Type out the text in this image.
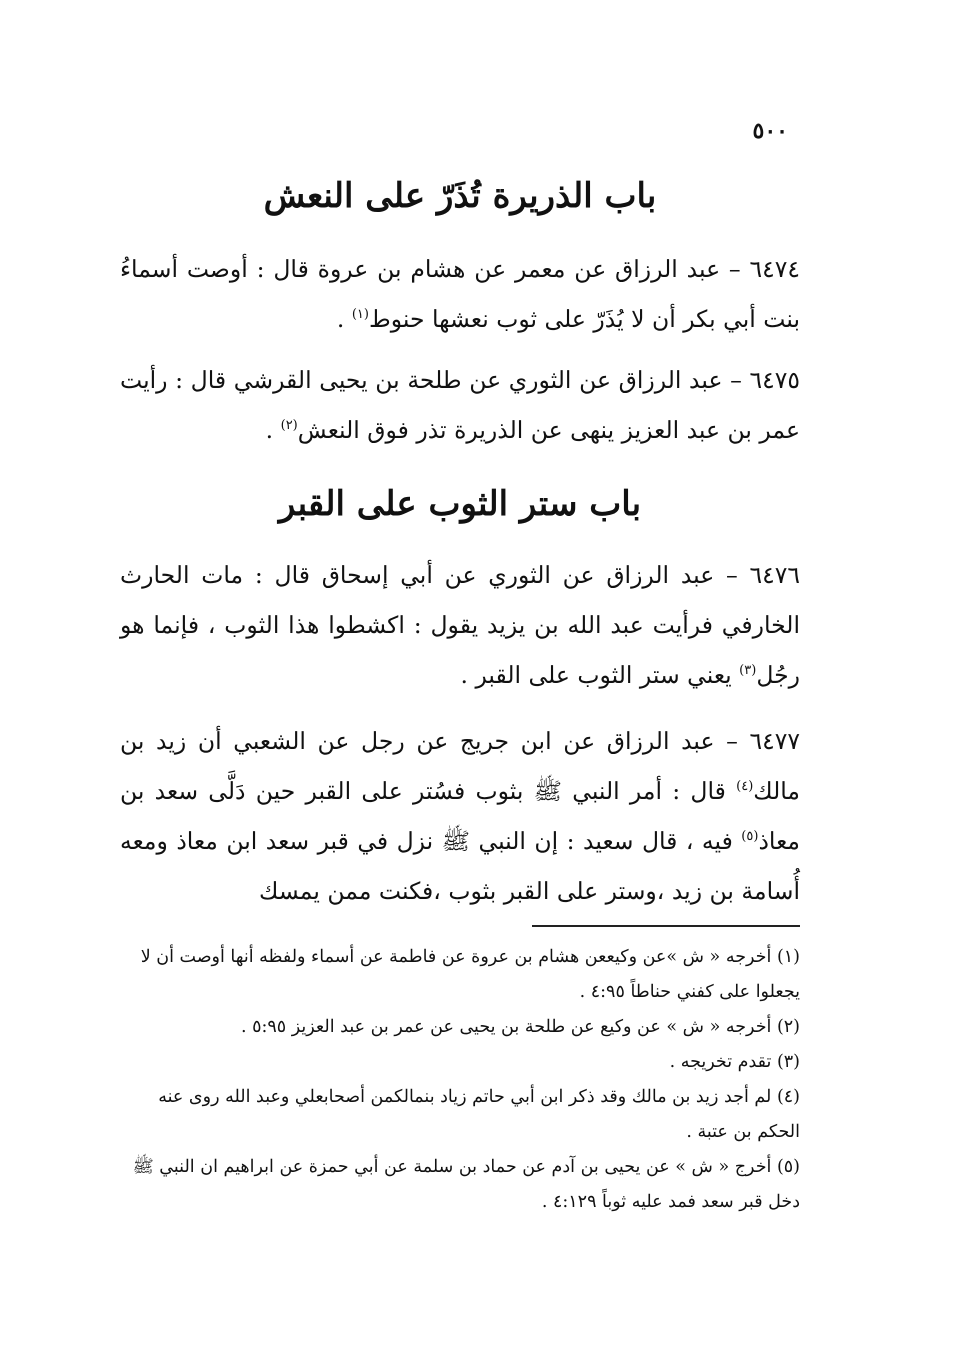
٥٠٠
باب الذريرة تُذَرّ على النعش

٦٤٧٤ – عبد الرزاق عن معمر عن هشام بن عروة قال : أوصت أسماءُ بنت أبي بكر أن لا يُذَرّ على ثوب نعشها حنوط$^{(١)}$ .

٦٤٧٥ – عبد الرزاق عن الثوري عن طلحة بن يحيى القرشي قال : رأيت عمر بن عبد العزيز ينهى عن الذريرة تذر فوق النعش$^{(٢)}$ .

باب ستر الثوب على القبر

٦٤٧٦ – عبد الرزاق عن الثوري عن أبي إسحاق قال : مات الحارث الخارفي فرأيت عبد الله بن يزيد يقول : اكشطوا هذا الثوب ، فإنما هو رجُل$^{(٣)}$ يعني ستر الثوب على القبر .

٦٤٧٧ – عبد الرزاق عن ابن جريج عن رجل عن الشعبي أن زيد بن مالك$^{(٤)}$ قال : أمر النبي ﷺ بثوب فسُتر على القبر حين دَلَّى سعد بن معاذ$^{(٥)}$ فيه ، قال سعيد : إن النبي ﷺ نزل في قبر سعد ابن معاذ ومعه أُسامة بن زيد ،وستر على القبر بثوب ،فكنت ممن يمسك

(١) أخرجه « ش »عن وكيععن هشام بن عروة عن فاطمة عن أسماء ولفظه أنها أوصت أن لا يجعلوا على كفني حناطاً ٤:٩٥ .

(٢) أخرجه « ش » عن وكيع عن طلحة بن يحيى عن عمر بن عبد العزيز ٥:٩٥ .

(٣) تقدم تخريجه .

(٤) لم أجد زيد بن مالك وقد ذكر ابن أبي حاتم زياد بنمالكمن أصحابعلي وعبد الله روى عنه الحكم بن عتبة .

(٥) أخرج « ش » عن يحيى بن آدم عن حماد بن سلمة عن أبي حمزة عن ابراهيم ان النبي ﷺ دخل قبر سعد فمد عليه ثوباً ٤:١٢٩ .
